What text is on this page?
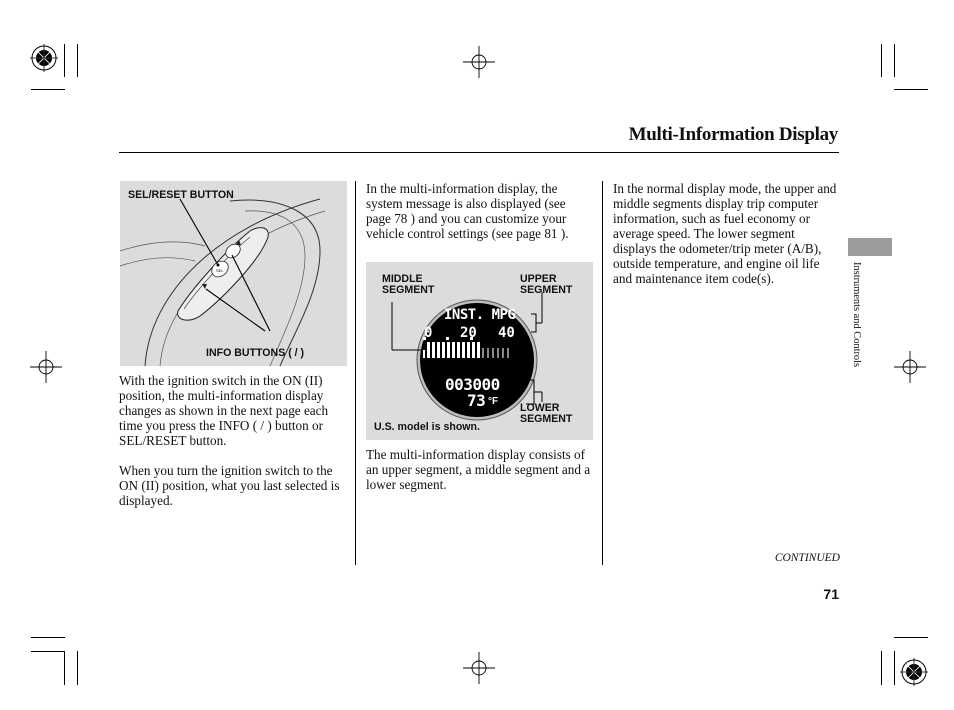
Multi-Information Display
SEL
SEL/RESET BUTTON
INFO BUTTONS ( / )

With the ignition switch in the ON (II) position, the multi-information display changes as shown in the next page each time you press the INFO ( / ) button or SEL/RESET button.

When you turn the ignition switch to the ON (II) position, what you last selected is displayed.

In the multi-information display, the system message is also displayed (see page 78 ) and you can customize your vehicle control settings (see page 81 ).

INST. MPG
0 20 40
003000
73 °F
MIDDLE
SEGMENT
UPPER
SEGMENT
LOWER
SEGMENT
U.S. model is shown.

The multi-information display consists of an upper segment, a middle segment and a lower segment.

In the normal display mode, the upper and middle segments display trip computer information, such as fuel economy or average speed. The lower segment displays the odometer/trip meter (A/B), outside temperature, and engine oil life and maintenance item code(s).	Instruments and Controls
CONTINUED
71
